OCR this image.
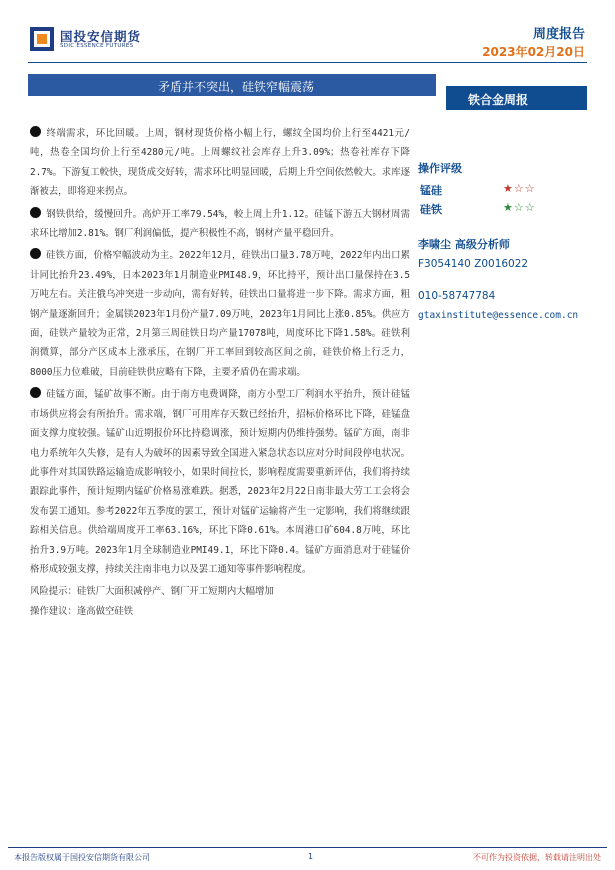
国投安信期货
SDIC ESSENCE FUTURES
周度报告
2023年02月20日
矛盾并不突出，硅铁窄幅震荡
铁合金周报

终端需求，环比回暖。上周，钢材现货价格小幅上行，螺纹全国均价上行至4421元/吨，热卷全国均价上行至4280元/吨。上周螺纹社会库存上升3.09%；热卷社库存下降2.7%。下游复工較快，现货成交好转，需求环比明显回暖，后期上升空间依然較大。求库逐渐被去，即将迎来拐点。

钢铁供给，缓慢回升。高炉开工率79.54%，較上周上升1.12。硅锰下游五大钢材周需求环比增加2.81%。钢厂利润偏低，提产积极性不高，钢材产量平稳回升。

硅铁方面，价格窄幅波动为主。2022年12月，硅铁出口量3.78万吨，2022年内出口累计同比抬升23.49%，日本2023年1月制造业PMI48.9，环比持平，预计出口量保持在3.5万吨左右。关注俄乌冲突进一步动向，需有好转，硅铁出口量将进一步下降。需求方面，粗钢产量逐渐回升；金属镁2023年1月份产量7.09万吨，2023年1月同比上涨0.85%。供应方面，硅铁产量较为正常，2月第三周硅铁日均产量17078吨，周度环比下降1.58%。硅铁利润微算，部分产区成本上涨承压，在钢厂开工率回到较高区间之前，硅铁价格上行乏力，8000压力位难破，目前硅铁供应略有下降，主要矛盾仍在需求端。

硅锰方面，锰矿故事不断。由于南方电费调降，南方小型工厂利润水平抬升，预计硅锰市场供应将会有所抬升。需求端，钢厂可用库存天数已经抬升，招标价格环比下降，硅锰盘面支撑力度较强。锰矿山近期报价环比持稳调涨，预计短期内仍维持强势。锰矿方面，南非电力系统年久失修，是有人为破坏的因素导致全国进入紧急状态以应对分时间段停电状况。此事件对其国铁路运输造成影响较小，如果时间拉长，影响程度需要重新评估，我们将持续跟踪此事件，预计短期内锰矿价格易涨难跌。据悉，2023年2月22日南非最大劳工工会将会发布罢工通知。参考2022年五季度的罢工，预计对锰矿运输将产生一定影响，我们将继续跟踪相关信息。供给端周度开工率63.16%，环比下降0.61%。本周港口矿604.8万吨，环比抬升3.9万吨。2023年1月全球制造业PMI49.1，环比下降0.4。锰矿方面消息对于硅锰价格形成较强支撑，持续关注南非电力以及罢工通知等事件影响程度。

风险提示：硅铁厂大面积减停产、钢厂开工短期内大幅增加
操作建议：逢高做空硅铁
操作评级
锰硅	★☆☆
硅铁	★☆☆
李啸尘 高级分析师
F3054140 Z0016022
010-58747784
gtaxinstitute@essence.com.cn
本报告版权属于国投安信期货有限公司	1	不可作为投资依据，转载请注明出处
